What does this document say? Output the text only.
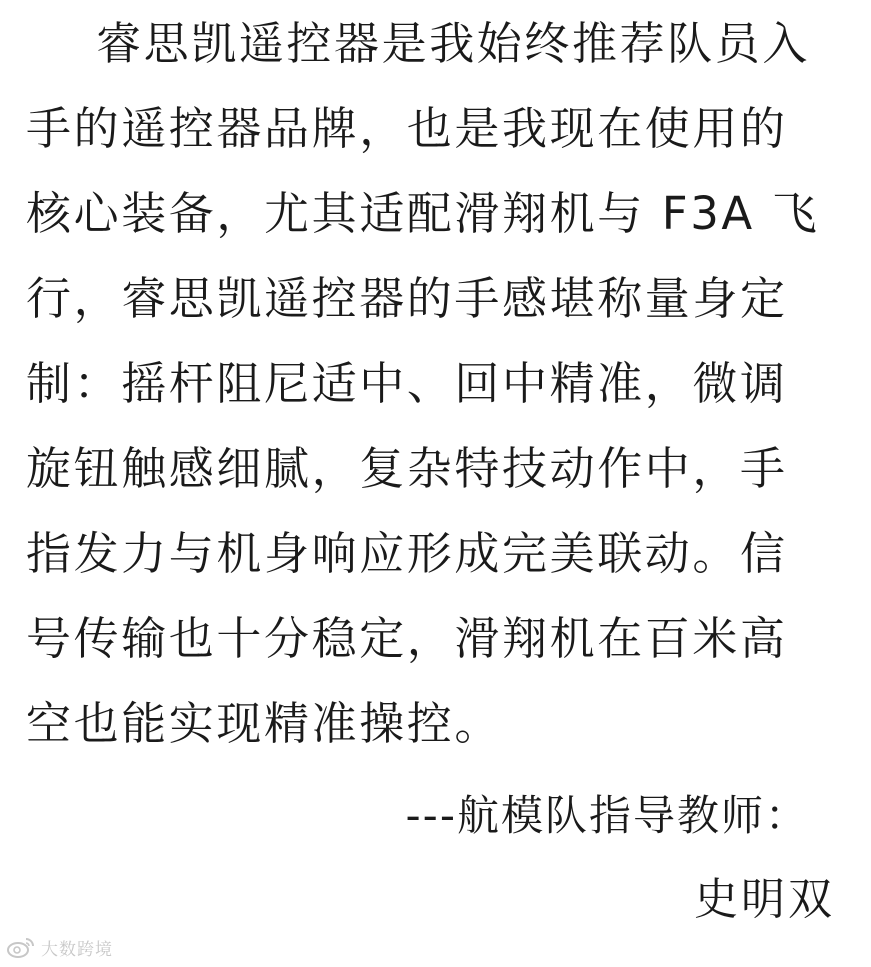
睿思凯遥控器是我始终推荐队员入
手的遥控器品牌，也是我现在使用的
核心装备，尤其适配滑翔机与 F3A 飞
行，睿思凯遥控器的手感堪称量身定
制：摇杆阻尼适中、回中精准，微调
旋钮触感细腻，复杂特技动作中，手
指发力与机身响应形成完美联动。信
号传输也十分稳定，滑翔机在百米高
空也能实现精准操控。
---航模队指导教师：
史明双
大数跨境
